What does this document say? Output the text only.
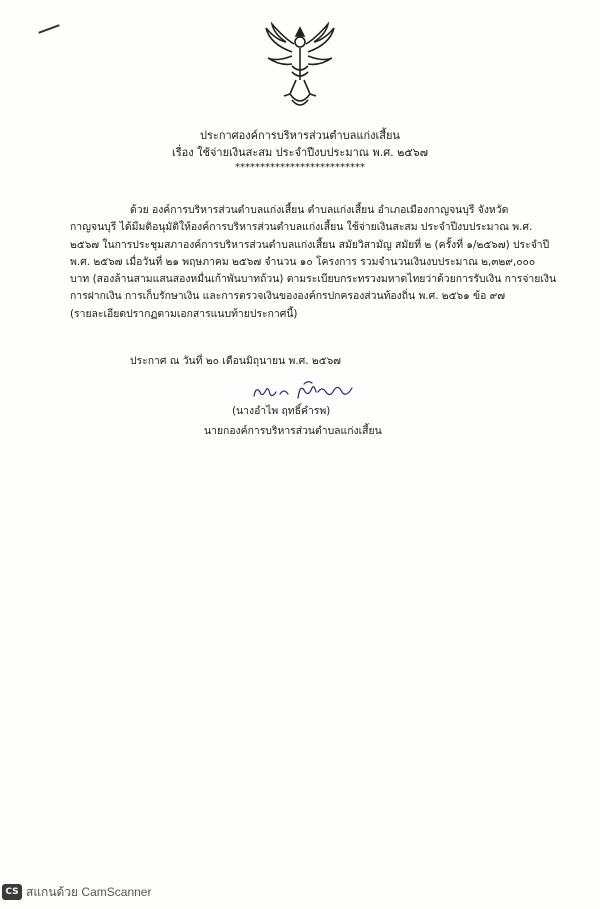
ประกาศองค์การบริหารส่วนตำบลแก่งเสี้ยน
เรื่อง ใช้จ่ายเงินสะสม ประจำปีงบประมาณ พ.ศ. ๒๕๖๗
**************************
ด้วย องค์การบริหารส่วนตำบลแก่งเสี้ยน ตำบลแก่งเสี้ยน อำเภอเมืองกาญจนบุรี จังหวัด
กาญจนบุรี ได้มีมติอนุมัติให้องค์การบริหารส่วนตำบลแก่งเสี้ยน ใช้จ่ายเงินสะสม ประจำปีงบประมาณ พ.ศ.
๒๕๖๗ ในการประชุมสภาองค์การบริหารส่วนตำบลแก่งเสี้ยน สมัยวิสามัญ สมัยที่ ๒ (ครั้งที่ ๑/๒๕๖๗) ประจำปี
พ.ศ. ๒๕๖๗ เมื่อวันที่ ๒๑ พฤษภาคม ๒๕๖๗ จำนวน ๑๐ โครงการ รวมจำนวนเงินงบประมาณ ๒,๓๒๙,๐๐๐
บาท (สองล้านสามแสนสองหมื่นเก้าพันบาทถ้วน) ตามระเบียบกระทรวงมหาดไทยว่าด้วยการรับเงิน การจ่ายเงิน
การฝากเงิน การเก็บรักษาเงิน และการตรวจเงินขององค์กรปกครองส่วนท้องถิ่น พ.ศ. ๒๕๖๑ ข้อ ๙๗
(รายละเอียดปรากฏตามเอกสารแนบท้ายประกาศนี้)
ประกาศ ณ วันที่ ๒๐ เดือนมิถุนายน พ.ศ. ๒๕๖๗
(นางอำไพ ฤทธิ์คำรพ)
นายกองค์การบริหารส่วนตำบลแก่งเสี้ยน
CS สแกนด้วย CamScanner
